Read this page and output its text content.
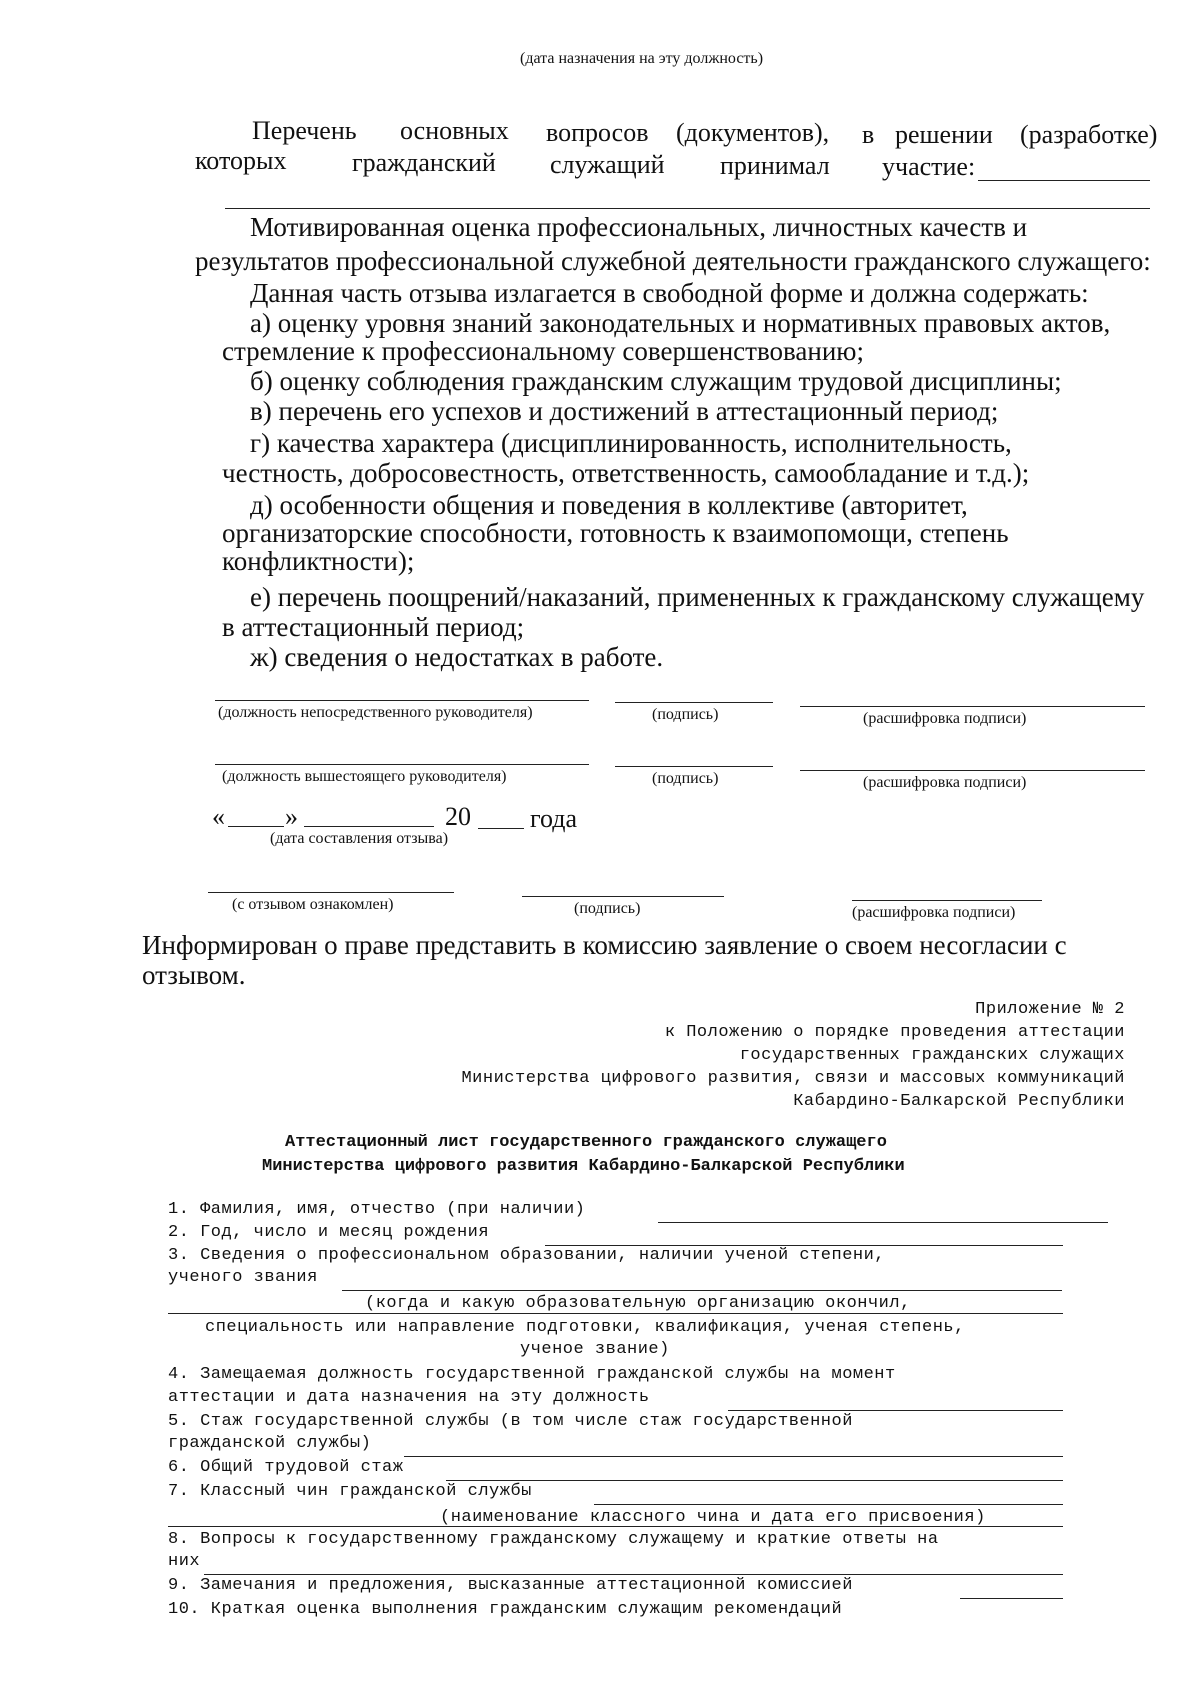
(дата назначения на эту должность)
Перечень основных вопросов (документов), в решении (разработке)
которых	гражданский служащий принимал участие:
Мотивированная оценка профессиональных, личностных качеств и
результатов профессиональной служебной деятельности гражданского служащего:
Данная часть отзыва излагается в свободной форме и должна содержать:
а) оценку уровня знаний законодательных и нормативных правовых актов,
стремление к профессиональному совершенствованию;
б) оценку соблюдения гражданским служащим трудовой дисциплины;
в) перечень его успехов и достижений в аттестационный период;
г) качества характера (дисциплинированность, исполнительность,
честность, добросовестность, ответственность, самообладание и т.д.);
д) особенности общения и поведения в коллективе (авторитет,
организаторские способности, готовность к взаимопомощи, степень
конфликтности);
е) перечень поощрений/наказаний, примененных к гражданскому служащему
в аттестационный период;
ж) сведения о недостатках в работе.
(должность непосредственного руководителя)	(подпись)	(расшифровка подписи)
(должность вышестоящего руководителя)	(подпись)	(расшифровка подписи)
« »	20 года
(дата составления отзыва)
(с отзывом ознакомлен)	(подпись)	(расшифровка подписи)
Информирован о праве представить в комиссию заявление о своем несогласии с
отзывом.
Приложение № 2
к Положению о порядке проведения аттестации
государственных гражданских служащих
Министерства цифрового развития, связи и массовых коммуникаций
Кабардино-Балкарской Республики
Аттестационный лист государственного гражданского служащего
Министерства цифрового развития Кабардино-Балкарской Республики
1. Фамилия, имя, отчество (при наличии)
2. Год, число и месяц рождения
3. Сведения о профессиональном образовании, наличии ученой степени,
ученого звания
(когда и какую образовательную организацию окончил,
специальность или направление подготовки, квалификация, ученая степень,
ученое звание)
4. Замещаемая должность государственной гражданской службы на момент
аттестации и дата назначения на эту должность
5. Стаж государственной службы (в том числе стаж государственной
гражданской службы)
6. Общий трудовой стаж
7. Классный чин гражданской службы
(наименование классного чина и дата его присвоения)
8. Вопросы к государственному гражданскому служащему и краткие ответы на
них
9. Замечания и предложения, высказанные аттестационной комиссией
10. Краткая оценка выполнения гражданским служащим рекомендаций
